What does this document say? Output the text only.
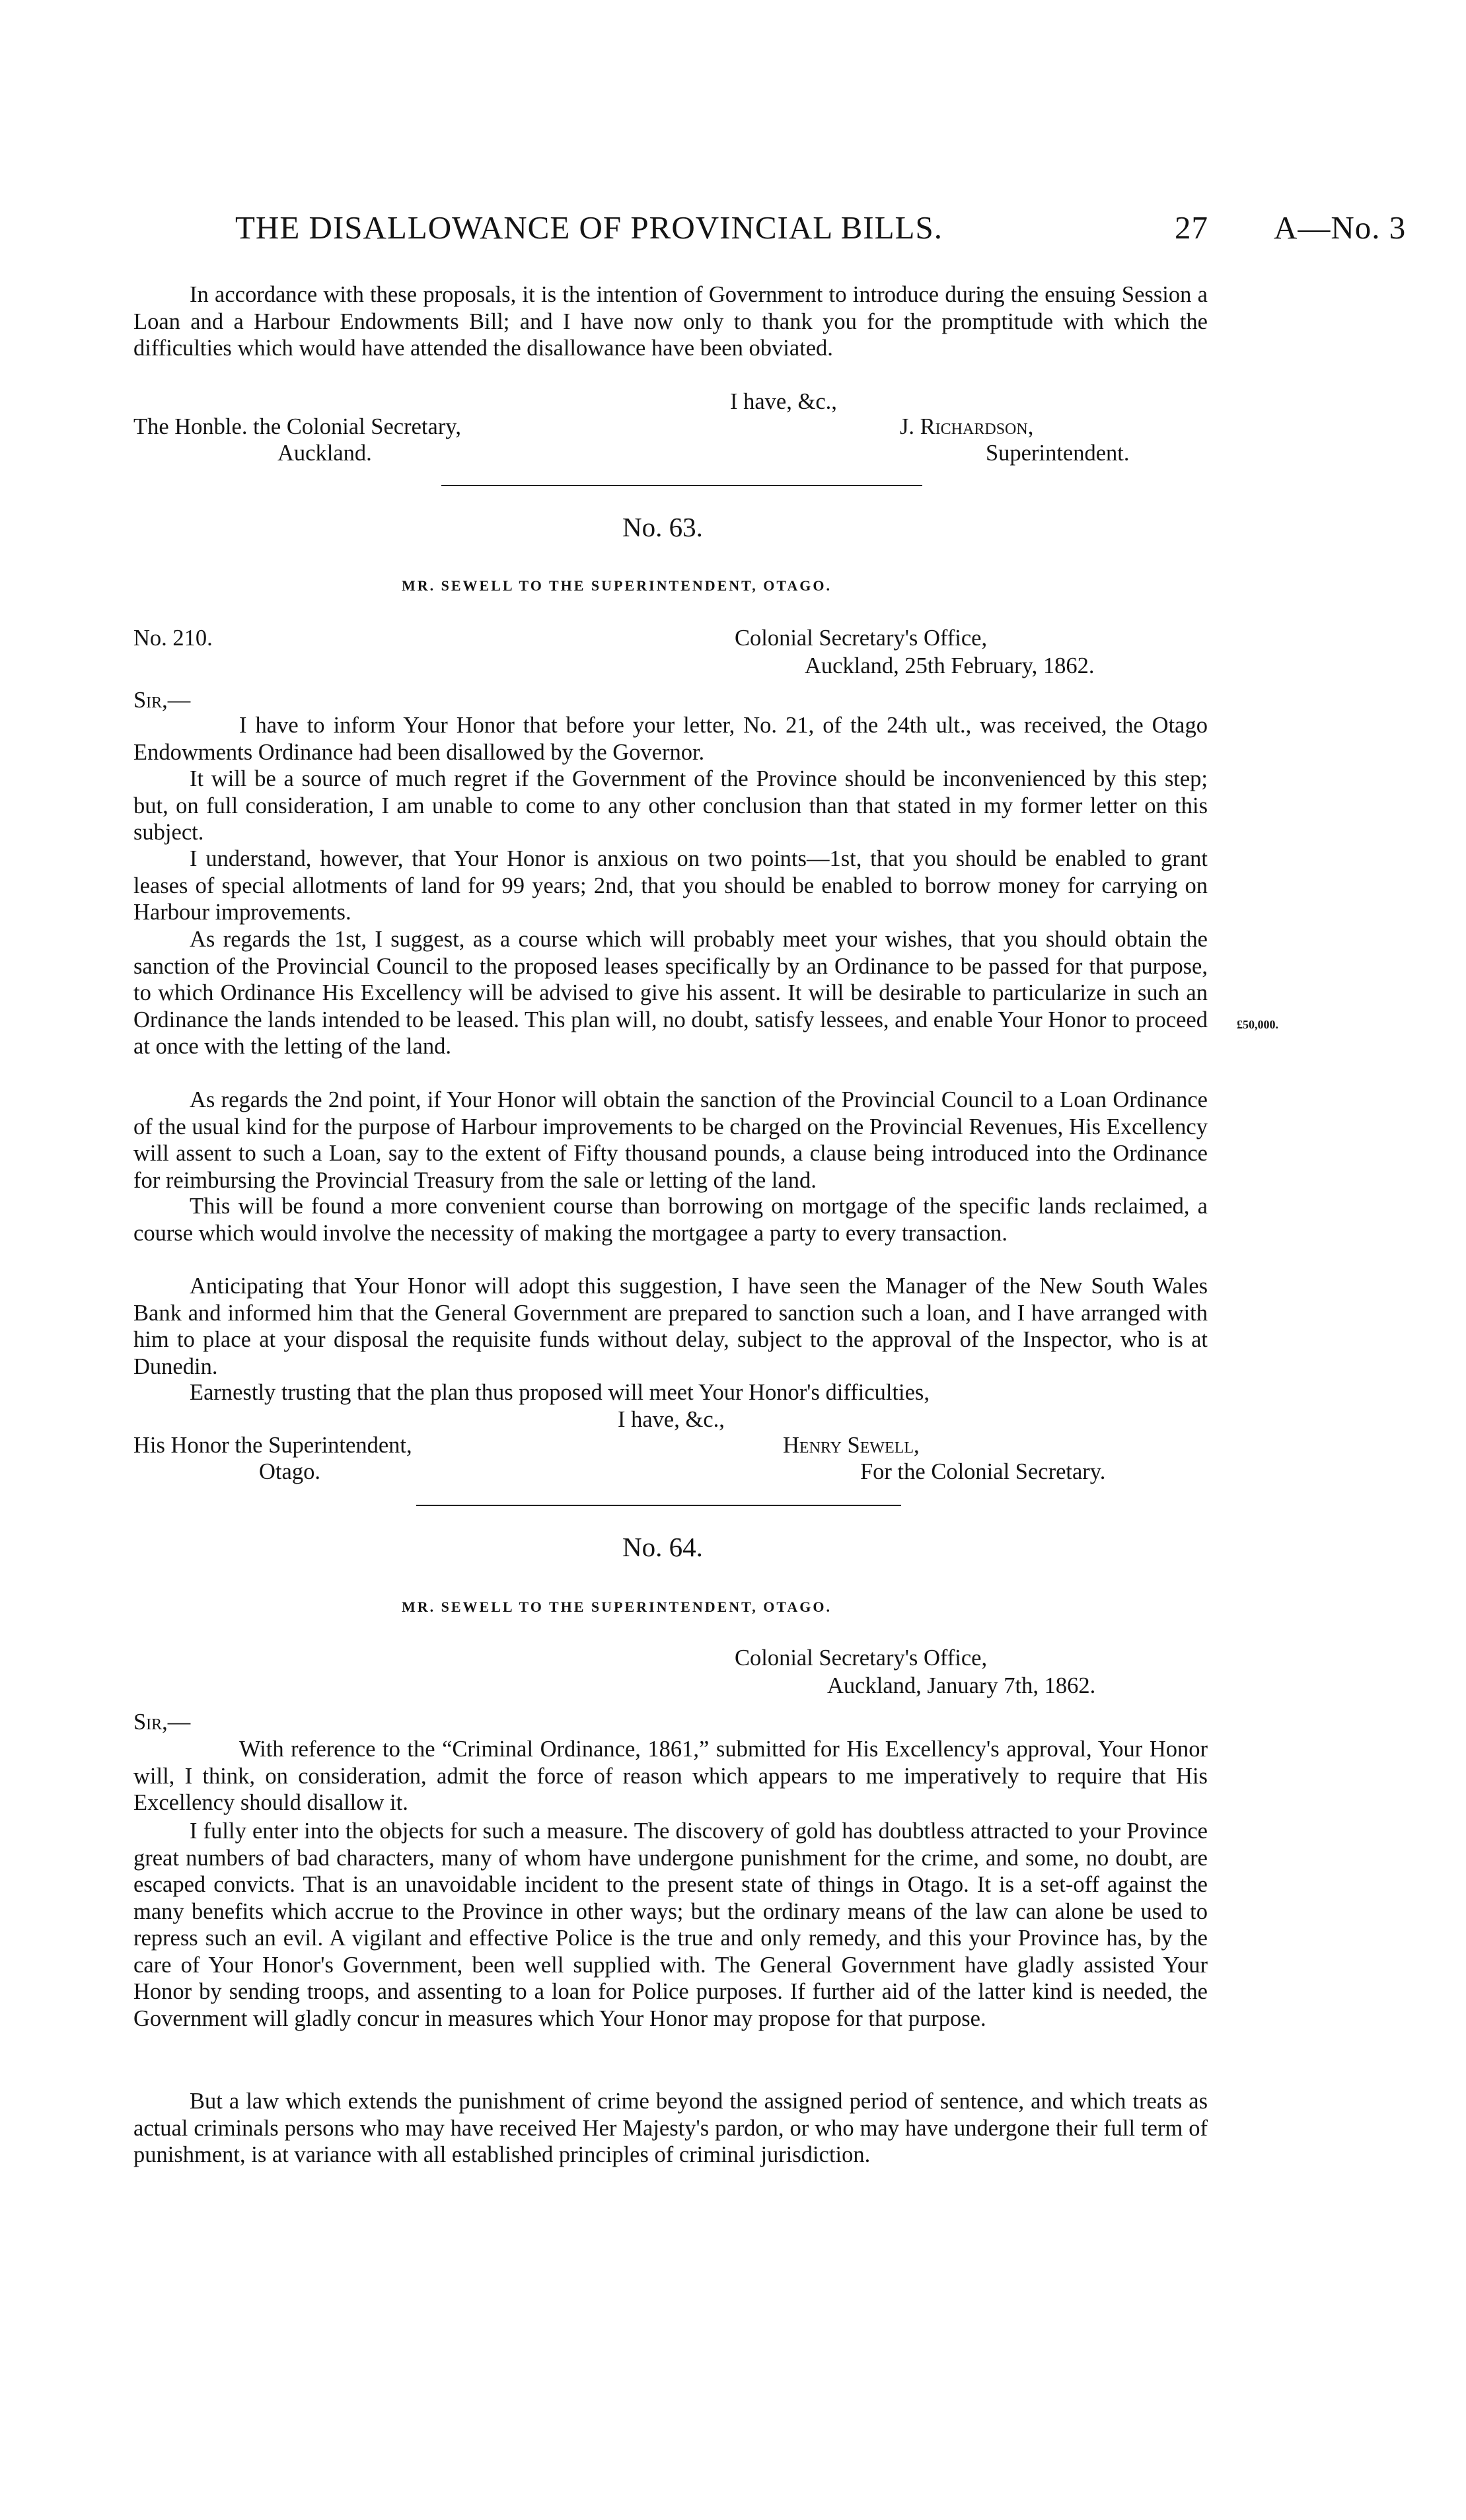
THE DISALLOWANCE OF PROVINCIAL BILLS.	27 A—No. 3

In accordance with these proposals, it is the intention of Government to introduce during the ensuing Session a Loan and a Harbour Endowments Bill; and I have now only to thank you for the promptitude with which the difficulties which would have attended the disallowance have been obviated.

I have, &c.,
The Honble. the Colonial Secretary,
Auckland.
J. Richardson,
Superintendent.
No. 63.
MR. SEWELL TO THE SUPERINTENDENT, OTAGO.
No. 210.	Colonial Secretary's Office,
Auckland, 25th February, 1862.
Sir,—

I have to inform Your Honor that before your letter, No. 21, of the 24th ult., was received, the Otago Endowments Ordinance had been disallowed by the Governor.

It will be a source of much regret if the Government of the Province should be inconvenienced by this step; but, on full consideration, I am unable to come to any other conclusion than that stated in my former letter on this subject.

I understand, however, that Your Honor is anxious on two points—1st, that you should be enabled to grant leases of special allotments of land for 99 years; 2nd, that you should be enabled to borrow money for carrying on Harbour improvements.

As regards the 1st, I suggest, as a course which will probably meet your wishes, that you should obtain the sanction of the Provincial Council to the proposed leases specifically by an Ordinance to be passed for that purpose, to which Ordinance His Excellency will be advised to give his assent. It will be desirable to particularize in such an Ordinance the lands intended to be leased. This plan will, no doubt, satisfy lessees, and enable Your Honor to proceed at once with the letting of the land.

As regards the 2nd point, if Your Honor will obtain the sanction of the Provincial Council to a Loan Ordinance of the usual kind for the purpose of Harbour improvements to be charged on the Provincial Revenues, His Excellency will assent to such a Loan, say to the extent of Fifty thousand pounds, a clause being introduced into the Ordinance for reimbursing the Provincial Treasury from the sale or letting of the land.

£50,000.

This will be found a more convenient course than borrowing on mortgage of the specific lands reclaimed, a course which would involve the necessity of making the mortgagee a party to every transaction.

Anticipating that Your Honor will adopt this suggestion, I have seen the Manager of the New South Wales Bank and informed him that the General Government are prepared to sanction such a loan, and I have arranged with him to place at your disposal the requisite funds without delay, subject to the approval of the Inspector, who is at Dunedin.

Earnestly trusting that the plan thus proposed will meet Your Honor's difficulties,

I have, &c.,
His Honor the Superintendent,
Otago.
Henry Sewell,
For the Colonial Secretary.
No. 64.
MR. SEWELL TO THE SUPERINTENDENT, OTAGO.
Colonial Secretary's Office,
Auckland, January 7th, 1862.
Sir,—

With reference to the “Criminal Ordinance, 1861,” submitted for His Excellency's approval, Your Honor will, I think, on consideration, admit the force of reason which appears to me imperatively to require that His Excellency should disallow it.

I fully enter into the objects for such a measure. The discovery of gold has doubtless attracted to your Province great numbers of bad characters, many of whom have undergone punishment for the crime, and some, no doubt, are escaped convicts. That is an unavoidable incident to the present state of things in Otago. It is a set-off against the many benefits which accrue to the Province in other ways; but the ordinary means of the law can alone be used to repress such an evil. A vigilant and effective Police is the true and only remedy, and this your Province has, by the care of Your Honor's Government, been well supplied with. The General Government have gladly assisted Your Honor by sending troops, and assenting to a loan for Police purposes. If further aid of the latter kind is needed, the Government will gladly concur in measures which Your Honor may propose for that purpose.

But a law which extends the punishment of crime beyond the assigned period of sentence, and which treats as actual criminals persons who may have received Her Majesty's pardon, or who may have undergone their full term of punishment, is at variance with all established principles of criminal jurisdiction.
